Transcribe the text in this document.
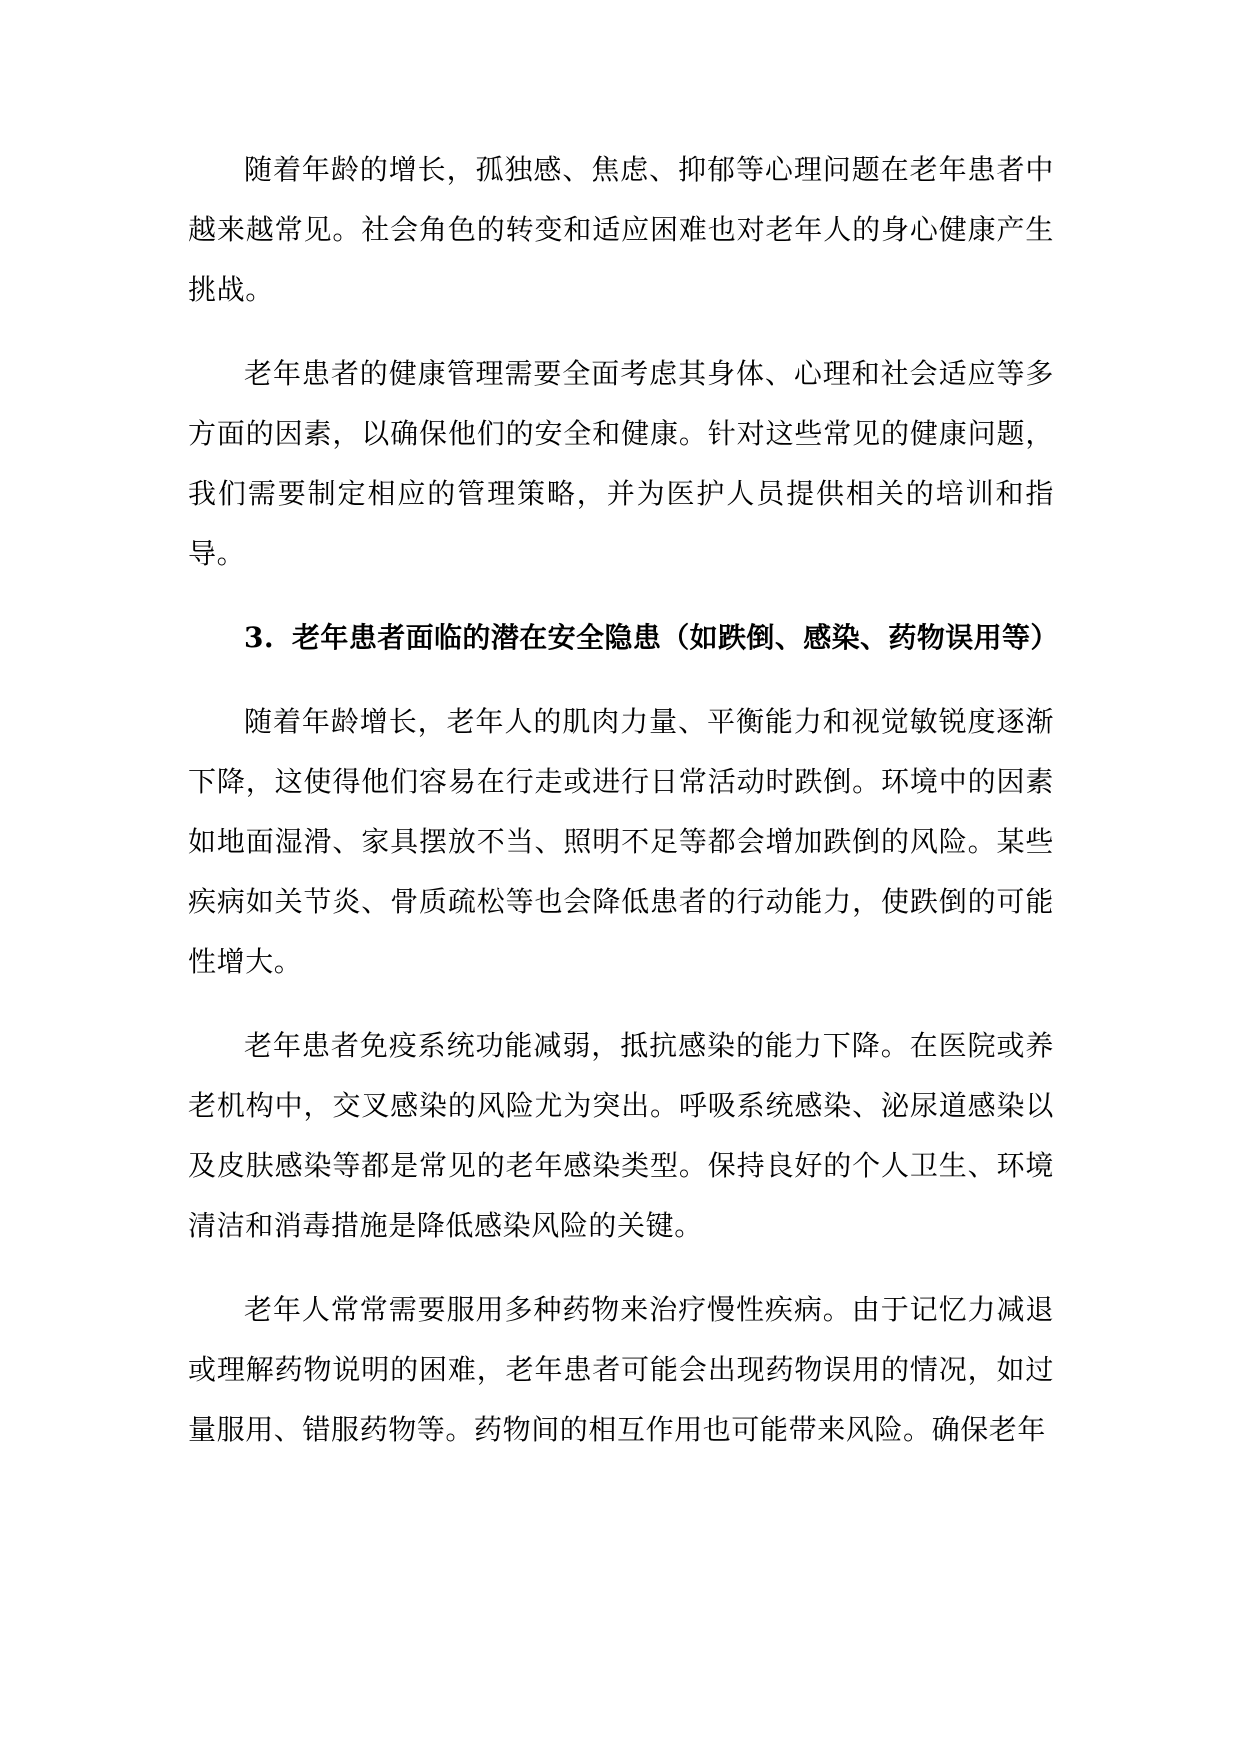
随着年龄的增长，孤独感、焦虑、抑郁等心理问题在老年患者中越来越常见。社会角色的转变和适应困难也对老年人的身心健康产生挑战。

老年患者的健康管理需要全面考虑其身体、心理和社会适应等多方面的因素，以确保他们的安全和健康。针对这些常见的健康问题，我们需要制定相应的管理策略，并为医护人员提供相关的培训和指导。

3. 老年患者面临的潜在安全隐患（如跌倒、感染、药物误用等）

随着年龄增长，老年人的肌肉力量、平衡能力和视觉敏锐度逐渐下降，这使得他们容易在行走或进行日常活动时跌倒。环境中的因素如地面湿滑、家具摆放不当、照明不足等都会增加跌倒的风险。某些疾病如关节炎、骨质疏松等也会降低患者的行动能力，使跌倒的可能性增大。

老年患者免疫系统功能减弱，抵抗感染的能力下降。在医院或养老机构中，交叉感染的风险尤为突出。呼吸系统感染、泌尿道感染以及皮肤感染等都是常见的老年感染类型。保持良好的个人卫生、环境清洁和消毒措施是降低感染风险的关键。

老年人常常需要服用多种药物来治疗慢性疾病。由于记忆力减退或理解药物说明的困难，老年患者可能会出现药物误用的情况，如过量服用、错服药物等。药物间的相互作用也可能带来风险。确保老年
